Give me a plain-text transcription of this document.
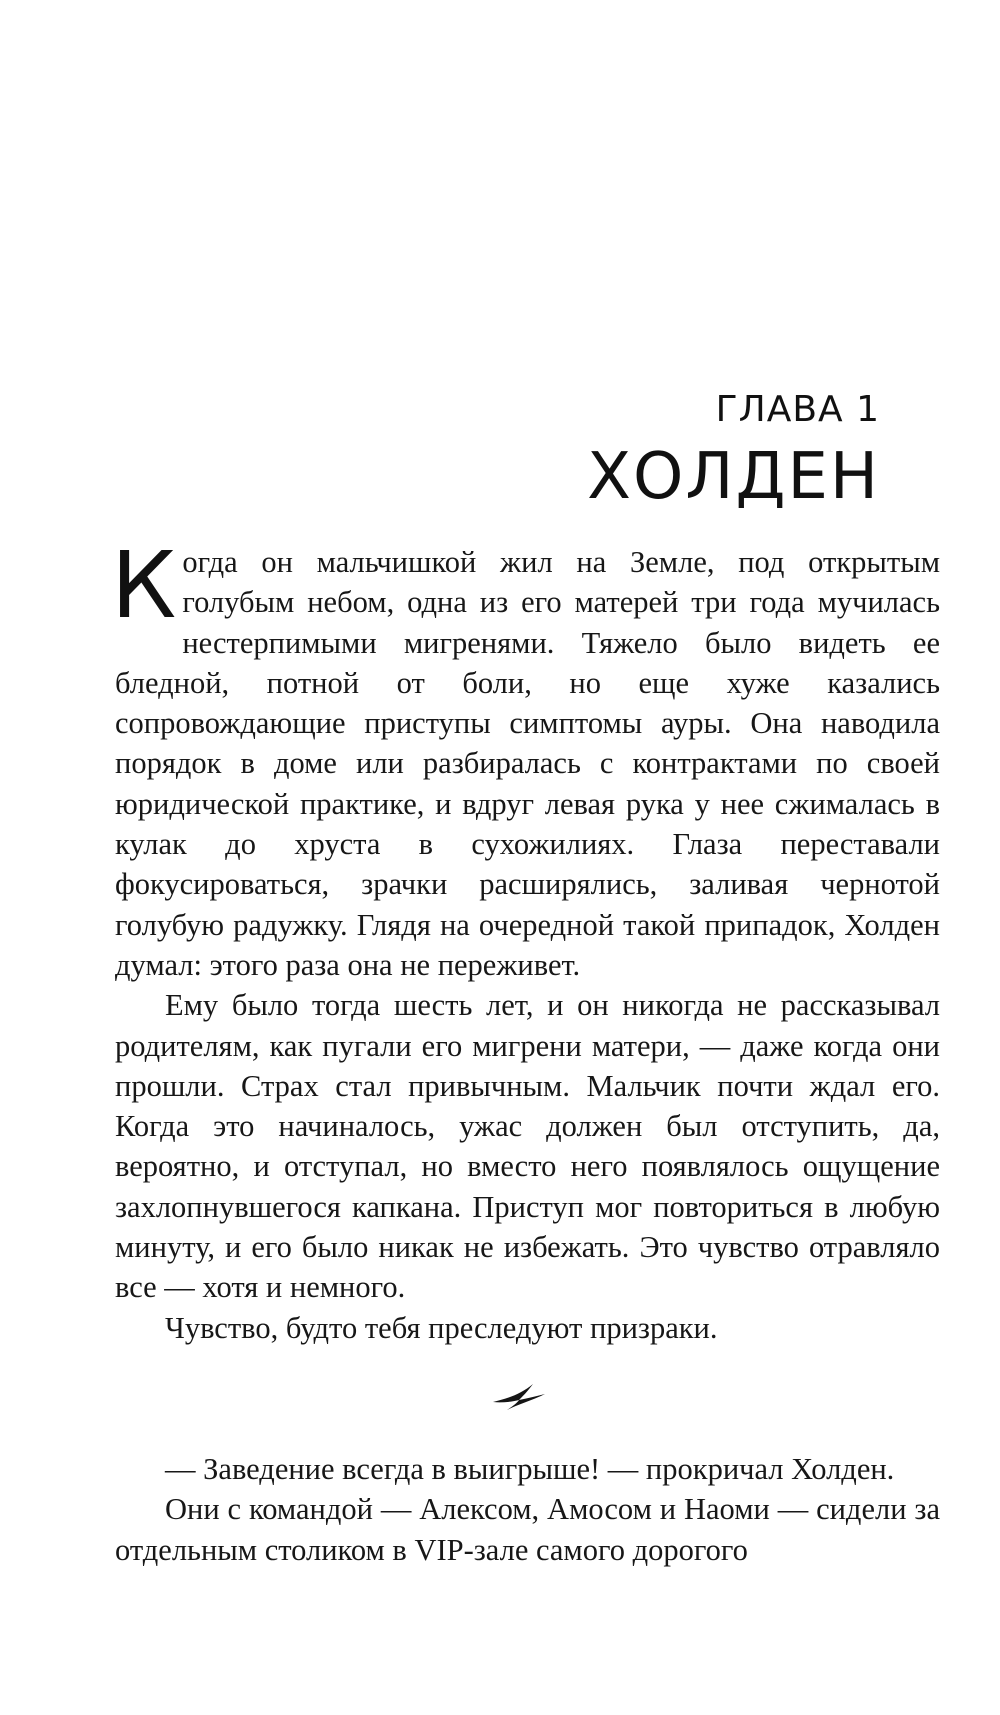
ГЛАВА 1
ХОЛДЕН

Когда он мальчишкой жил на Земле, под открытым голубым небом, одна из его матерей три года мучилась нестерпимыми мигренями. Тяжело было видеть ее бледной, потной от боли, но еще хуже казались сопровождающие приступы симптомы ауры. Она наводила порядок в доме или разбиралась с контрактами по своей юридической практике, и вдруг левая рука у нее сжималась в кулак до хруста в сухожилиях. Глаза переставали фокусироваться, зрачки расширялись, заливая чернотой голубую радужку. Глядя на очередной такой припадок, Холден думал: этого раза она не переживет.

Ему было тогда шесть лет, и он никогда не рассказывал родителям, как пугали его мигрени матери, — даже когда они прошли. Страх стал привычным. Мальчик почти ждал его. Когда это начиналось, ужас должен был отступить, да, вероятно, и отступал, но вместо него появлялось ощущение захлопнувшегося капкана. Приступ мог повториться в любую минуту, и его было никак не избежать. Это чувство отравляло все — хотя и немного.

Чувство, будто тебя преследуют призраки.

— Заведение всегда в выигрыше! — прокричал Холден.

Они с командой — Алексом, Амосом и Наоми — сидели за отдельным столиком в VIP-зале самого дорогого
